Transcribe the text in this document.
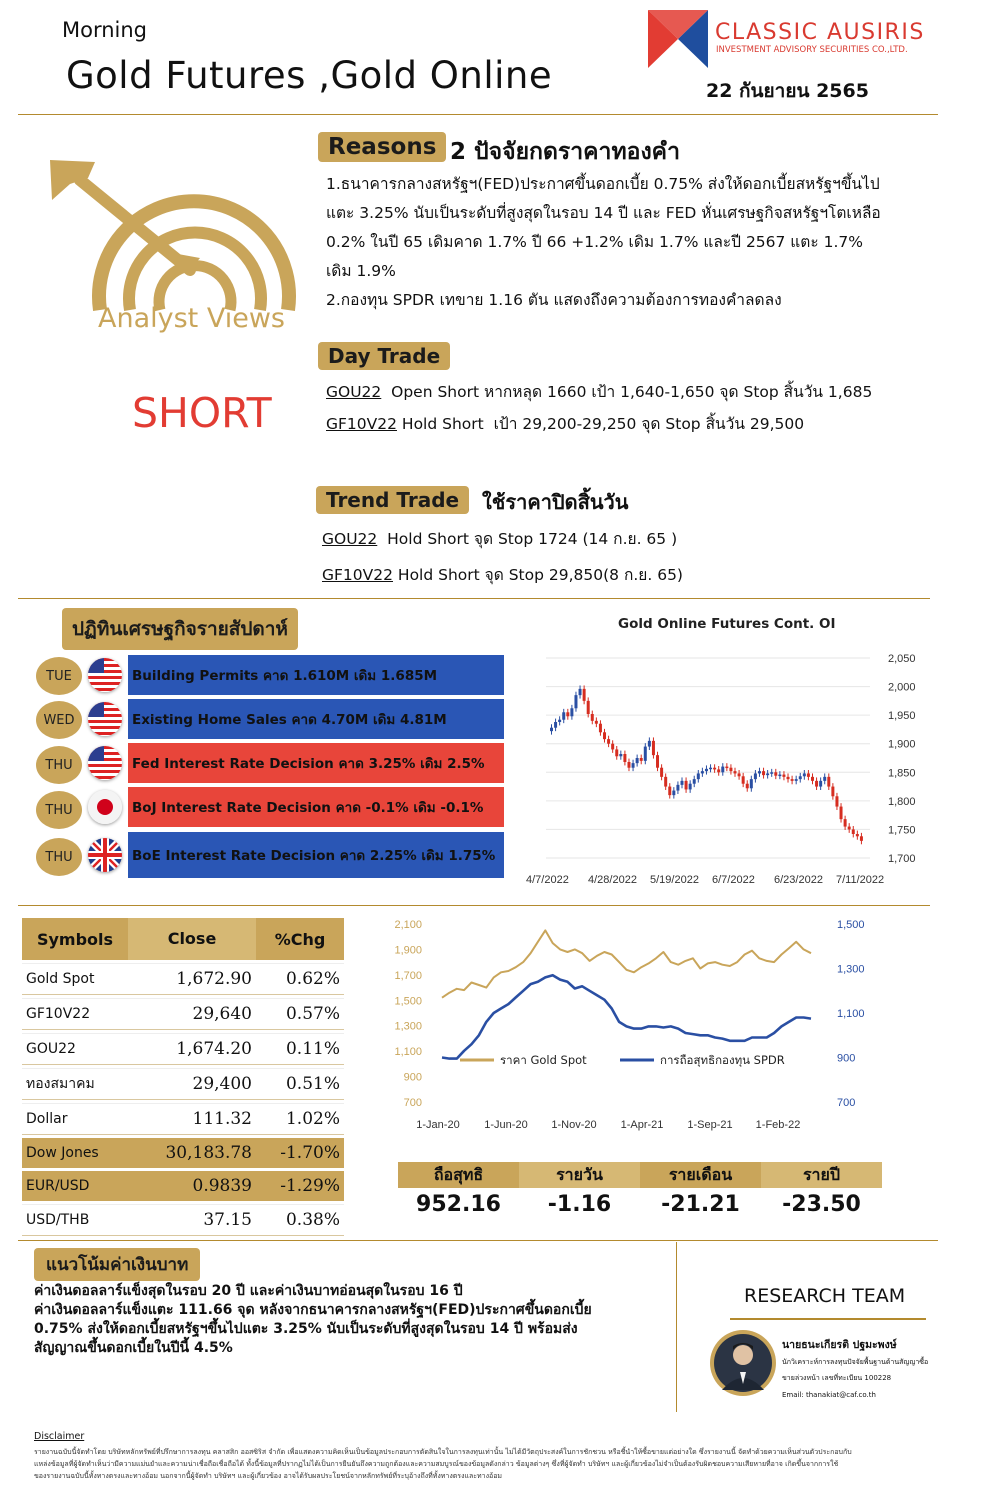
Morning
Gold Futures ,Gold Online	22 กันยายน 2565
CLASSIC AUSIRIS
INVESTMENT ADVISORY SECURITIES CO.,LTD.
Analyst Views
SHORT
Reasons 2 ปัจจัยกดราคาทองคำ
1.ธนาคารกลางสหรัฐฯ(FED)ประกาศขึ้นดอกเบี้ย 0.75% ส่งให้ดอกเบี้ยสหรัฐฯขึ้นไป
แตะ 3.25% นับเป็นระดับที่สูงสุดในรอบ 14 ปี และ FED หั่นเศรษฐกิจสหรัฐฯโตเหลือ
0.2% ในปี 65 เดิมคาด 1.7% ปี 66 +1.2% เดิม 1.7% และปี 2567 แตะ 1.7%
เดิม 1.9%
2.กองทุน SPDR เทขาย 1.16 ตัน แสดงถึงความต้องการทองคำลดลง
Day Trade
GOU22  Open Short หากหลุด 1660 เป้า 1,640-1,650 จุด Stop สิ้นวัน 1,685
GF10V22 Hold Short  เป้า 29,200-29,250 จุด Stop สิ้นวัน 29,500
Trend Trade	ใช้ราคาปิดสิ้นวัน
GOU22  Hold Short จุด Stop 1724 (14 ก.ย. 65 )
GF10V22 Hold Short จุด Stop 29,850(8 ก.ย. 65)
ปฏิทินเศรษฐกิจรายสัปดาห์
TUE	Building Permits คาด 1.610M เดิม 1.685M
WED	Existing Home Sales คาด 4.70M เดิม 4.81M
THU	Fed Interest Rate Decision คาด 3.25% เดิม 2.5%
THU	BoJ Interest Rate Decision คาด -0.1% เดิม -0.1%
THU	BoE Interest Rate Decision คาด 2.25% เดิม 1.75%
Gold Online Futures Cont. OI
2,050
2,000
1,950
1,900
1,850
1,800
1,750
1,700
4/7/2022 4/28/2022 5/19/2022 6/7/2022 6/23/2022 7/11/2022
Symbols	Close	%Chg
Gold Spot	1,672.90	0.62%
GF10V22	29,640	0.57%
GOU22	1,674.20	0.11%
ทองสมาคม	29,400	0.51%
Dollar	111.32	1.02%
Dow Jones	30,183.78	-1.70%
EUR/USD	0.9839	-1.29%
USD/THB	37.15	0.38%
2,100
1,900
1,700
1,500
1,300
1,100
900
700
1,500
1,300
1,100
900
700
1-Jan-20 1-Jun-20 1-Nov-20 1-Apr-21 1-Sep-21 1-Feb-22
ราคา Gold Spot	การถือสุทธิกองทุน SPDR
ถือสุทธิ	รายวัน	รายเดือน	รายปี
952.16	-1.16	-21.21	-23.50
แนวโน้มค่าเงินบาท
ค่าเงินดอลลาร์แข็งสุดในรอบ 20 ปี และค่าเงินบาทอ่อนสุดในรอบ 16 ปี
ค่าเงินดอลลาร์แข็งแตะ 111.66 จุด หลังจากธนาคารกลางสหรัฐฯ(FED)ประกาศขึ้นดอกเบี้ย
0.75% ส่งให้ดอกเบี้ยสหรัฐฯขึ้นไปแตะ 3.25% นับเป็นระดับที่สูงสุดในรอบ 14 ปี พร้อมส่ง
สัญญาณขึ้นดอกเบี้ยในปีนี้ 4.5%
RESEARCH TEAM
นายธนะเกียรติ ปฐมะพงษ์
นักวิเคราะห์การลงทุนปัจจัยพื้นฐานด้านสัญญาซื้อ
ขายล่วงหน้า เลขที่ทะเบียน 100228
Email: thanakiat@caf.co.th
Disclaimer
รายงานฉบับนี้จัดทำโดย บริษัทหลักทรัพย์ที่ปรึกษาการลงทุน คลาสสิก ออสซิริส จำกัด เพื่อแสดงความคิดเห็นเป็นข้อมูลประกอบการตัดสินใจในการลงทุนเท่านั้น ไม่ได้มีวัตถุประสงค์ในการชักชวน หรือชี้นำให้ซื้อขายแต่อย่างใด ซึ่งรายงานนี้ จัดทำด้วยความเห็นส่วนตัวประกอบกับ
แหล่งข้อมูลที่ผู้จัดทำเห็นว่ามีความแม่นยำและความน่าเชื่อถือเชื่อถือได้ ทั้งนี้ข้อมูลที่ปรากฏไม่ได้เป็นการยืนยันถึงความถูกต้องและความสมบูรณ์ของข้อมูลดังกล่าว ข้อมูลต่างๆ ซึ่งที่ผู้จัดทำ บริษัทฯ และผู้เกี่ยวข้องไม่จำเป็นต้องรับผิดชอบความเสียหายที่อาจ เกิดขึ้นจากการใช้
ของรายงานฉบับนี้ทั้งทางตรงและทางอ้อม นอกจากนี้ผู้จัดทำ บริษัทฯ และผู้เกี่ยวข้อง อาจได้รับผลประโยชน์จากหลักทรัพย์ที่ระบุอ้างถึงที่ทั้งทางตรงและทางอ้อม
